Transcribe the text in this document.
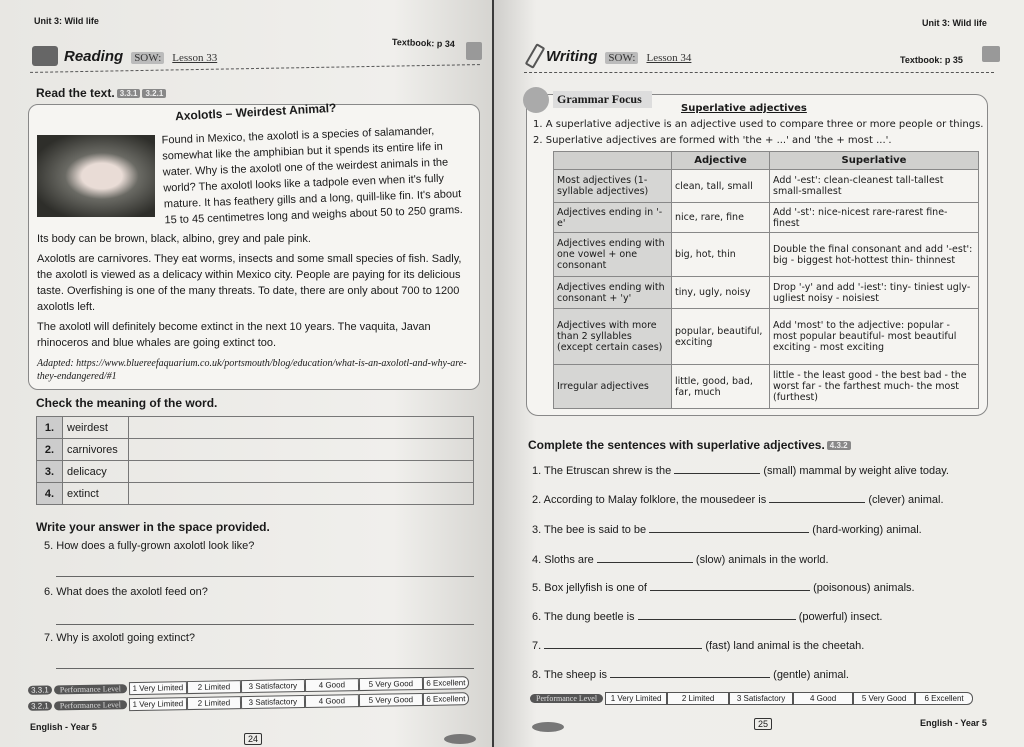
Unit 3: Wild life
Reading SOW: Lesson 33
Textbook: p 34
Read the text. 3.3.1 3.2.1
Axolotls – Weirdest Animal?
Found in Mexico, the axolotl is a species of salamander, somewhat like the amphibian but it spends its entire life in water. Why is the axolotl one of the weirdest animals in the world? The axolotl looks like a tadpole even when it's fully mature. It has feathery gills and a long, quill-like fin. It's about 15 to 45 centimetres long and weighs about 50 to 250 grams.
Its body can be brown, black, albino, grey and pale pink.
Axolotls are carnivores. They eat worms, insects and some small species of fish. Sadly, the axolotl is viewed as a delicacy within Mexico city. People are paying for its delicious taste. Overfishing is one of the many threats. To date, there are only about 700 to 1200 axolotls left.
The axolotl will definitely become extinct in the next 10 years. The vaquita, Javan rhinoceros and blue whales are going extinct too.
Adapted: https://www.bluereefaquarium.co.uk/portsmouth/blog/education/what-is-an-axolotl-and-why-are-they-endangered/#1
Check the meaning of the word.
1.	weirdest	
2.	carnivores	
3.	delicacy	
4.	extinct	
Write your answer in the space provided.
5. How does a fully-grown axolotl look like?
6. What does the axolotl feed on?
7. Why is axolotl going extinct?
3.3.1	Performance Level	1 Very Limited	2 Limited	3 Satisfactory	4 Good	5 Very Good	6 Excellent
3.2.1	Performance Level	1 Very Limited	2 Limited	3 Satisfactory	4 Good	5 Very Good	6 Excellent
English - Year 5
24
Unit 3: Wild life
Writing SOW: Lesson 34	Textbook: p 35
Grammar Focus
Superlative adjectives
1. A superlative adjective is an adjective used to compare three or more people or things.
2. Superlative adjectives are formed with 'the + ...' and 'the + most ...'.
	Adjective	Superlative
Most adjectives (1-syllable adjectives)	clean, tall, small	Add '-est': clean-cleanest tall-tallest small-smallest
Adjectives ending in '-e'	nice, rare, fine	Add '-st': nice-nicest rare-rarest fine- finest
Adjectives ending with one vowel + one consonant	big, hot, thin	Double the final consonant and add '-est': big - biggest hot-hottest thin- thinnest
Adjectives ending with consonant + 'y'	tiny, ugly, noisy	Drop '-y' and add '-iest': tiny- tiniest ugly-ugliest noisy - noisiest
Adjectives with more than 2 syllables (except certain cases)	popular, beautiful, exciting	Add 'most' to the adjective: popular - most popular beautiful- most beautiful exciting - most exciting
Irregular adjectives	little, good, bad, far, much	little - the least good - the best bad - the worst far - the farthest much- the most (furthest)
Complete the sentences with superlative adjectives. 4.3.2
1. The Etruscan shrew is the	(small) mammal by weight alive today.
2. According to Malay folklore, the mousedeer is	(clever) animal.
3. The bee is said to be	(hard-working) animal.
4. Sloths are	(slow) animals in the world.
5. Box jellyfish is one of	(poisonous) animals.
6. The dung beetle is	(powerful) insect.
7.	(fast) land animal is the cheetah.
8. The sheep is	(gentle) animal.
Performance Level	1 Very Limited	2 Limited	3 Satisfactory	4 Good	5 Very Good	6 Excellent
25	English - Year 5
